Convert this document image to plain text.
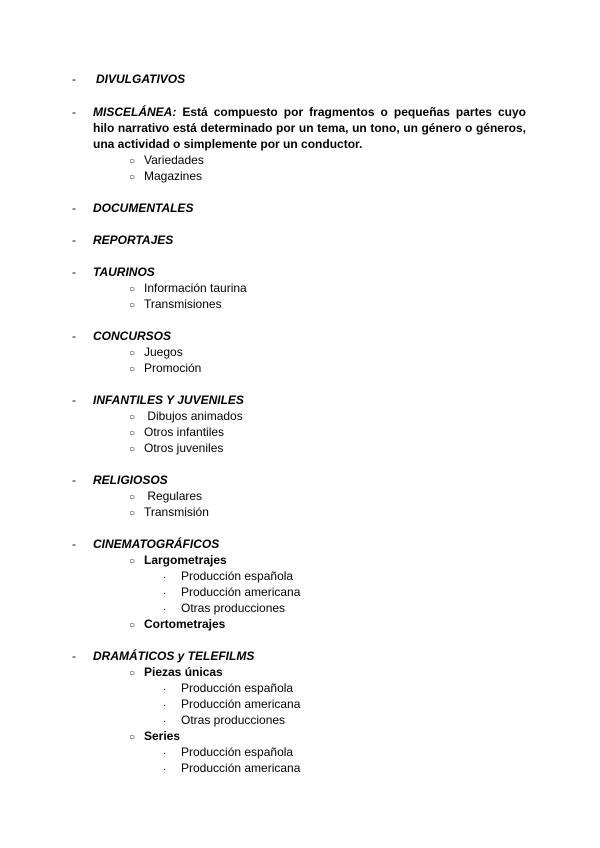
- DIVULGATIVOS
- MISCELÁNEA: Está compuesto por fragmentos o pequeñas partes cuyo hilo narrativo está determinado por un tema, un tono, un género o géneros, una actividad o simplemente por un conductor.
○ Variedades
○ Magazines
- DOCUMENTALES
- REPORTAJES
- TAURINOS
○ Información taurina
○ Transmisiones
- CONCURSOS
○ Juegos
○ Promoción
- INFANTILES Y JUVENILES
○ Dibujos animados
○ Otros infantiles
○ Otros juveniles
- RELIGIOSOS
○ Regulares
○ Transmisión
- CINEMATOGRÁFICOS
○ Largometrajes
· Producción española
· Producción americana
· Otras producciones
○ Cortometrajes
- DRAMÁTICOS y TELEFILMS
○ Piezas únicas
· Producción española
· Producción americana
· Otras producciones
○ Series
· Producción española
· Producción americana
